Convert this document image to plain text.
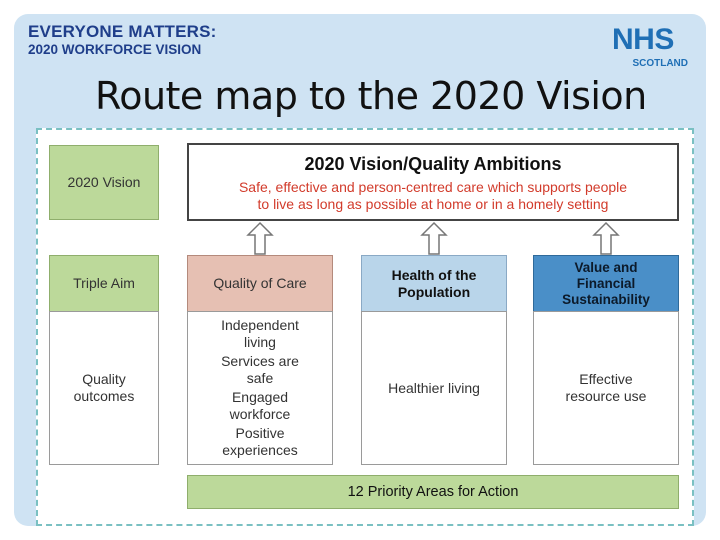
EVERYONE MATTERS:
2020 WORKFORCE VISION	NHS
SCOTLAND
Route map to the 2020 Vision
2020 Vision
Triple Aim
Quality outcomes
2020 Vision/Quality Ambitions
Safe, effective and person-centred care which supports people
to live as long as possible at home or in a homely setting
Quality of Care
Health of the Population
Value and Financial Sustainability
Independent living
Services are safe
Engaged workforce
Positive experiences
Healthier living
Effective resource use
12 Priority Areas for Action
